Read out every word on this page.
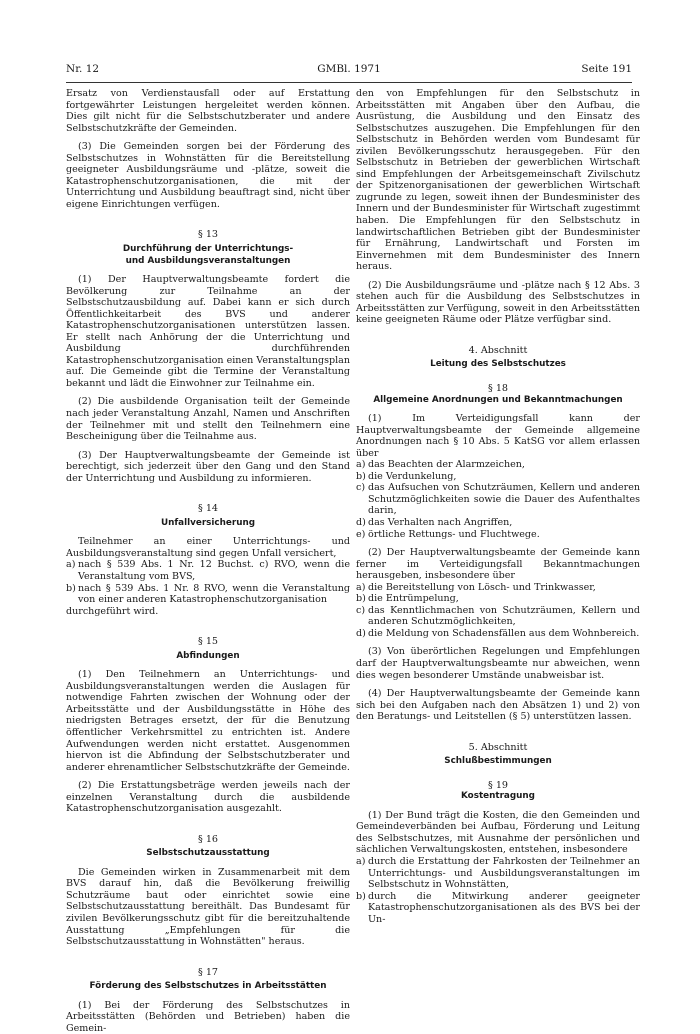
Nr. 12	GMBl. 1971	Seite 191

Ersatz von Verdienstausfall oder auf Erstattung fortgewährter Leistungen hergeleitet werden können. Dies gilt nicht für die Selbstschutzberater und andere Selbstschutzkräfte der Gemeinden.

(3) Die Gemeinden sorgen bei der Förderung des Selbstschutzes in Wohnstätten für die Bereitstellung geeigneter Ausbildungsräume und -plätze, soweit die Katastrophenschutzorganisationen, die mit der Unterrichtung und Ausbildung beauftragt sind, nicht über eigene Einrichtungen verfügen.

§ 13

Durchführung der Unterrichtungs-

und Ausbildungsveranstaltungen

(1) Der Hauptverwaltungsbeamte fordert die Bevölkerung zur Teilnahme an der Selbstschutzausbildung auf. Dabei kann er sich durch Öffentlichkeitarbeit des BVS und anderer Katastrophenschutzorganisationen unterstützen lassen. Er stellt nach Anhörung der die Unterrichtung und Ausbildung durchführenden Katastrophenschutzorganisation einen Veranstaltungsplan auf. Die Gemeinde gibt die Termine der Veranstaltung bekannt und lädt die Einwohner zur Teilnahme ein.

(2) Die ausbildende Organisation teilt der Gemeinde nach jeder Veranstaltung Anzahl, Namen und Anschriften der Teilnehmer mit und stellt den Teilnehmern eine Bescheinigung über die Teilnahme aus.

(3) Der Hauptverwaltungsbeamte der Gemeinde ist berechtigt, sich jederzeit über den Gang und den Stand der Unterrichtung und Ausbildung zu informieren.

§ 14

Unfallversicherung

Teilnehmer an einer Unterrichtungs- und Ausbildungsveranstaltung sind gegen Unfall versichert,

a) nach § 539 Abs. 1 Nr. 12 Buchst. c) RVO, wenn die Veranstaltung vom BVS,
b) nach § 539 Abs. 1 Nr. 8 RVO, wenn die Veranstaltung von einer anderen Katastrophenschutzorganisation

durchgeführt wird.

§ 15

Abfindungen

(1) Den Teilnehmern an Unterrichtungs- und Ausbildungsveranstaltungen werden die Auslagen für notwendige Fahrten zwischen der Wohnung oder der Arbeitsstätte und der Ausbildungsstätte in Höhe des niedrigsten Betrages ersetzt, der für die Benutzung öffentlicher Verkehrsmittel zu entrichten ist. Andere Aufwendungen werden nicht erstattet. Ausgenommen hiervon ist die Abfindung der Selbstschutzberater und anderer ehrenamtlicher Selbstschutzkräfte der Gemeinde.

(2) Die Erstattungsbeträge werden jeweils nach der einzelnen Veranstaltung durch die ausbildende Katastrophenschutzorganisation ausgezahlt.

§ 16

Selbstschutzausstattung

Die Gemeinden wirken in Zusammenarbeit mit dem BVS darauf hin, daß die Bevölkerung freiwillig Schutzräume baut oder einrichtet sowie eine Selbstschutzausstattung bereithält. Das Bundesamt für zivilen Bevölkerungsschutz gibt für die bereitzuhaltende Ausstattung „Empfehlungen für die Selbstschutzausstattung in Wohnstätten" heraus.

§ 17

Förderung des Selbstschutzes in Arbeitsstätten

(1) Bei der Förderung des Selbstschutzes in Arbeitsstätten (Behörden und Betrieben) haben die Gemein-

den von Empfehlungen für den Selbstschutz in Arbeitsstätten mit Angaben über den Aufbau, die Ausrüstung, die Ausbildung und den Einsatz des Selbstschutzes auszugehen. Die Empfehlungen für den Selbstschutz in Behörden werden vom Bundesamt für zivilen Bevölkerungsschutz herausgegeben. Für den Selbstschutz in Betrieben der gewerblichen Wirtschaft sind Empfehlungen der Arbeitsgemeinschaft Zivilschutz der Spitzenorganisationen der gewerblichen Wirtschaft zugrunde zu legen, soweit ihnen der Bundesminister des Innern und der Bundesminister für Wirtschaft zugestimmt haben. Die Empfehlungen für den Selbstschutz in landwirtschaftlichen Betrieben gibt der Bundesminister für Ernährung, Landwirtschaft und Forsten im Einvernehmen mit dem Bundesminister des Innern heraus.

(2) Die Ausbildungsräume und -plätze nach § 12 Abs. 3 stehen auch für die Ausbildung des Selbstschutzes in Arbeitsstätten zur Verfügung, soweit in den Arbeitsstätten keine geeigneten Räume oder Plätze verfügbar sind.

4. Abschnitt

Leitung des Selbstschutzes

§ 18

Allgemeine Anordnungen und Bekanntmachungen

(1) Im Verteidigungsfall kann der Hauptverwaltungsbeamte der Gemeinde allgemeine Anordnungen nach § 10 Abs. 5 KatSG vor allem erlassen über

a) das Beachten der Alarmzeichen,
b) die Verdunkelung,
c) das Aufsuchen von Schutzräumen, Kellern und anderen Schutzmöglichkeiten sowie die Dauer des Aufenthaltes darin,
d) das Verhalten nach Angriffen,
e) örtliche Rettungs- und Fluchtwege.

(2) Der Hauptverwaltungsbeamte der Gemeinde kann ferner im Verteidigungsfall Bekanntmachungen herausgeben, insbesondere über

a) die Bereitstellung von Lösch- und Trinkwasser,
b) die Entrümpelung,
c) das Kenntlichmachen von Schutzräumen, Kellern und anderen Schutzmöglichkeiten,
d) die Meldung von Schadensfällen aus dem Wohnbereich.

(3) Von überörtlichen Regelungen und Empfehlungen darf der Hauptverwaltungsbeamte nur abweichen, wenn dies wegen besonderer Umstände unabweisbar ist.

(4) Der Hauptverwaltungsbeamte der Gemeinde kann sich bei den Aufgaben nach den Absätzen 1) und 2) von den Beratungs- und Leitstellen (§ 5) unterstützen lassen.

5. Abschnitt

Schlußbestimmungen

§ 19

Kostentragung

(1) Der Bund trägt die Kosten, die den Gemeinden und Gemeindeverbänden bei Aufbau, Förderung und Leitung des Selbstschutzes, mit Ausnahme der persönlichen und sächlichen Verwaltungskosten, entstehen, insbesondere

a) durch die Erstattung der Fahrkosten der Teilnehmer an Unterrichtungs- und Ausbildungsveranstaltungen im Selbstschutz in Wohnstätten,
b) durch die Mitwirkung anderer geeigneter Katastrophenschutzorganisationen als des BVS bei der Un-
